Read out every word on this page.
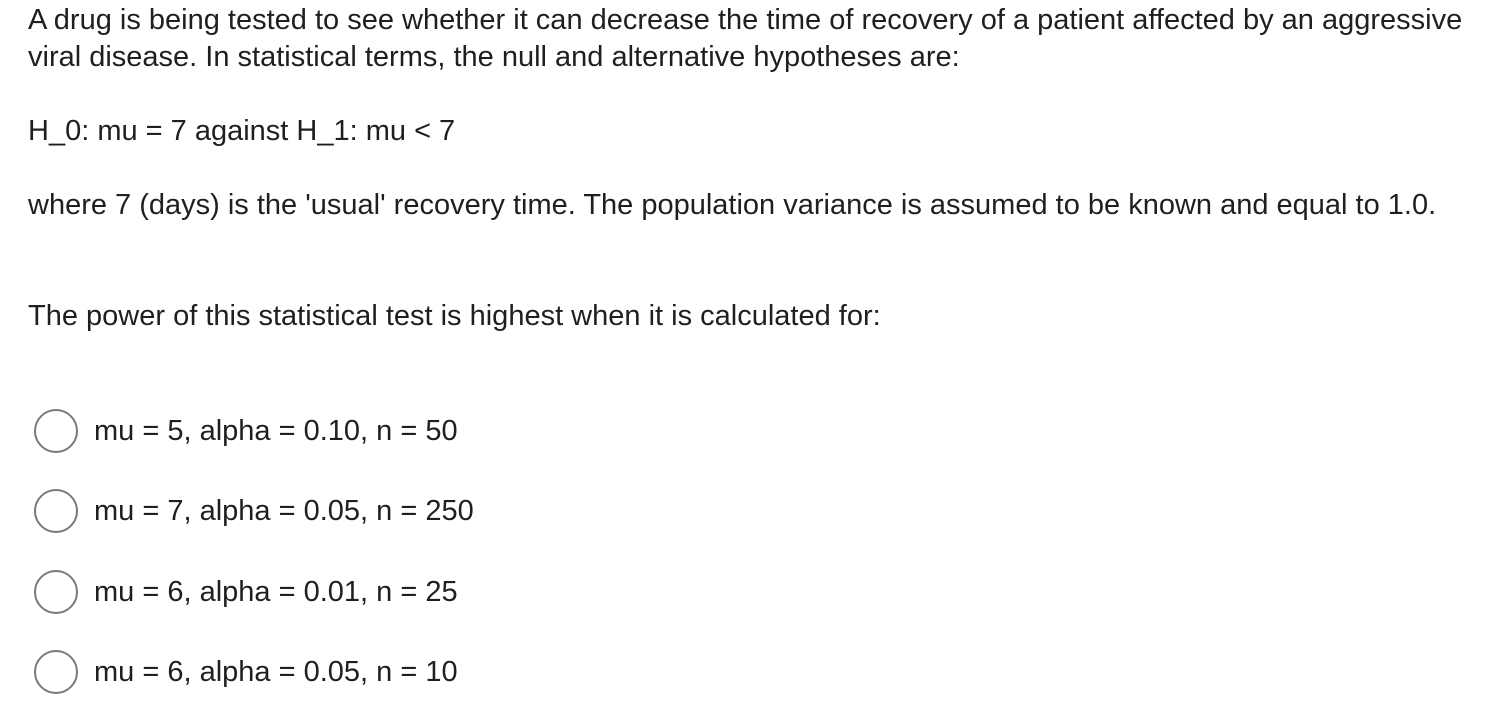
A drug is being tested to see whether it can decrease the time of recovery of a patient affected by an aggressive viral disease. In statistical terms, the null and alternative hypotheses are:

H_0: mu = 7 against H_1: mu < 7

where 7 (days) is the 'usual' recovery time. The population variance is assumed to be known and equal to 1.0.

The power of this statistical test is highest when it is calculated for:

mu = 5, alpha = 0.10, n = 50
mu = 7, alpha = 0.05, n = 250
mu = 6, alpha = 0.01, n = 25
mu = 6, alpha = 0.05, n = 10
